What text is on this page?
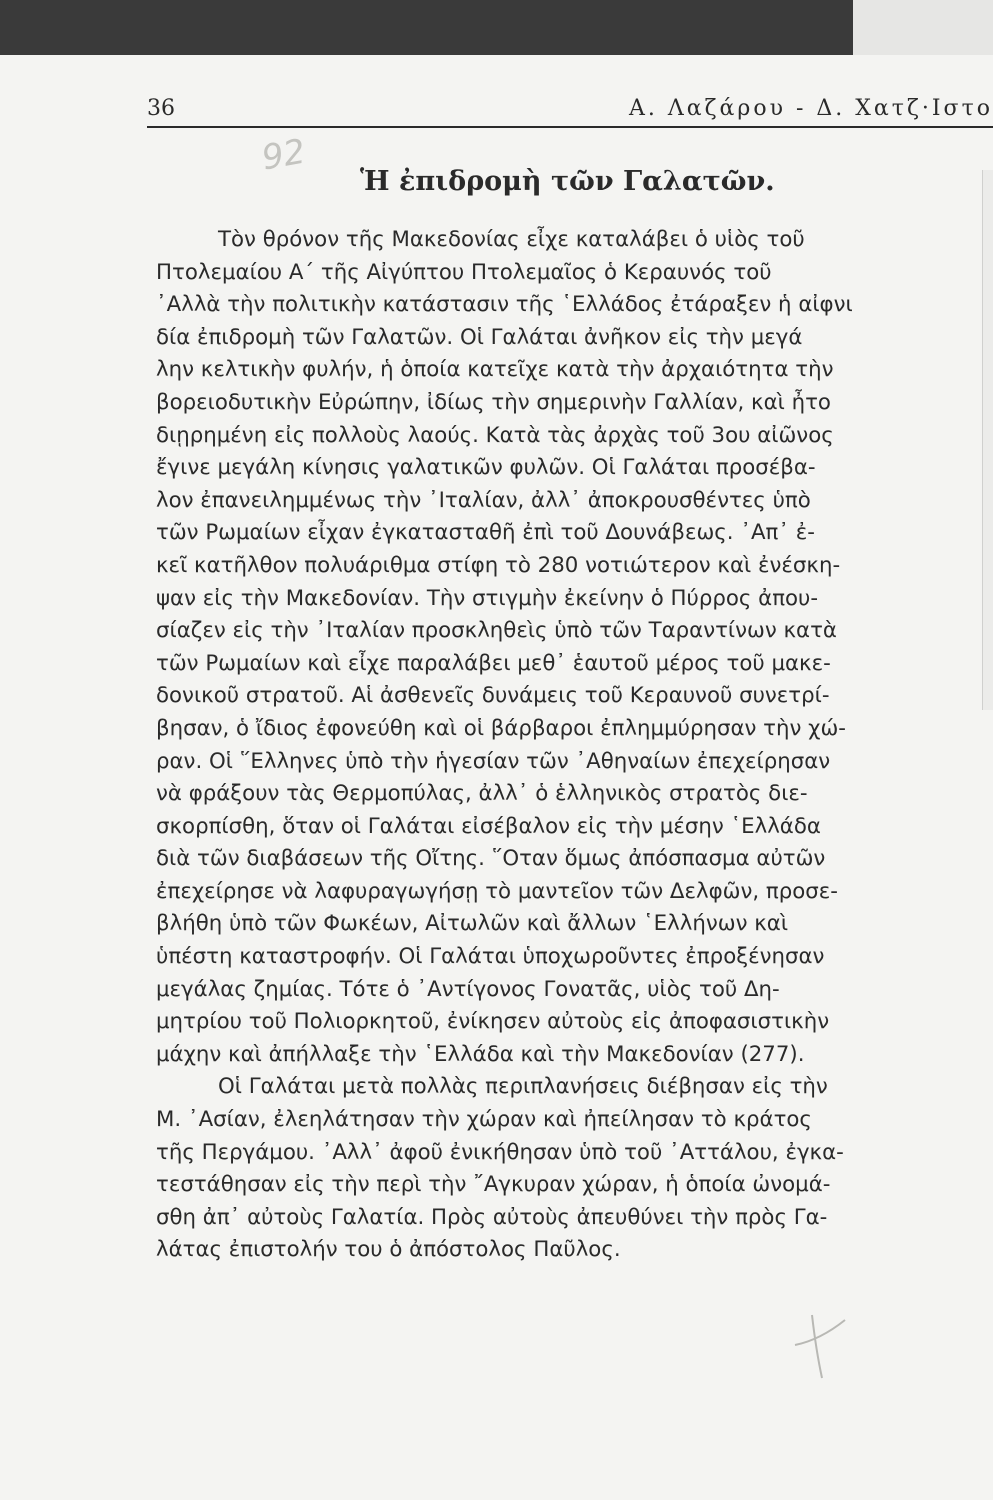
36	Α. Λαζάρου - Δ. Χατζ·Ιστο
92
Ἡ ἐπιδρομὴ τῶν Γαλατῶν.
Τὸν θρόνον τῆς Μακεδονίας εἶχε καταλάβει ὁ υἱὸς τοῦ
Πτολεμαίου Α΄ τῆς Αἰγύπτου Πτολεμαῖος ὁ Κεραυνός τοῦ
᾿Αλλὰ τὴν πολιτικὴν κατάστασιν τῆς ῾Ελλάδος ἐτάραξεν ἡ αἰφνι
δία ἐπιδρομὴ τῶν Γαλατῶν. Οἱ Γαλάται ἀνῆκον εἰς τὴν μεγά
λην κελτικὴν φυλήν, ἡ ὁποία κατεῖχε κατὰ τὴν ἀρχαιότητα τὴν
βορειοδυτικὴν Εὐρώπην, ἰδίως τὴν σημερινὴν Γαλλίαν, καὶ ἦτο
διῃρημένη εἰς πολλοὺς λαούς. Κατὰ τὰς ἀρχὰς τοῦ 3ου αἰῶνος
ἔγινε μεγάλη κίνησις γαλατικῶν φυλῶν. Οἱ Γαλάται προσέβα-
λον ἐπανειλημμένως τὴν ᾿Ιταλίαν, ἀλλ᾿ ἀποκρουσθέντες ὑπὸ
τῶν Ρωμαίων εἶχαν ἐγκατασταθῆ ἐπὶ τοῦ Δουνάβεως. ᾿Απ᾿ ἐ-
κεῖ κατῆλθον πολυάριθμα στίφη τὸ 280 νοτιώτερον καὶ ἐνέσκη-
ψαν εἰς τὴν Μακεδονίαν. Τὴν στιγμὴν ἐκείνην ὁ Πύρρος ἀπου-
σίαζεν εἰς τὴν ᾿Ιταλίαν προσκληθεὶς ὑπὸ τῶν Ταραντίνων κατὰ
τῶν Ρωμαίων καὶ εἶχε παραλάβει μεθ᾿ ἑαυτοῦ μέρος τοῦ μακε-
δονικοῦ στρατοῦ. Αἱ ἀσθενεῖς δυνάμεις τοῦ Κεραυνοῦ συνετρί-
βησαν, ὁ ἴδιος ἐφονεύθη καὶ οἱ βάρβαροι ἐπλημμύρησαν τὴν χώ-
ραν. Οἱ ῞Ελληνες ὑπὸ τὴν ἡγεσίαν τῶν ᾿Αθηναίων ἐπεχείρησαν
νὰ φράξουν τὰς Θερμοπύλας, ἀλλ᾿ ὁ ἑλληνικὸς στρατὸς διε-
σκορπίσθη, ὅταν οἱ Γαλάται εἰσέβαλον εἰς τὴν μέσην ῾Ελλάδα
διὰ τῶν διαβάσεων τῆς Οἴτης. ῞Οταν ὅμως ἀπόσπασμα αὐτῶν
ἐπεχείρησε νὰ λαφυραγωγήσῃ τὸ μαντεῖον τῶν Δελφῶν, προσε-
βλήθη ὑπὸ τῶν Φωκέων, Αἰτωλῶν καὶ ἄλλων ῾Ελλήνων καὶ
ὑπέστη καταστροφήν. Οἱ Γαλάται ὑποχωροῦντες ἐπροξένησαν
μεγάλας ζημίας. Τότε ὁ ᾿Αντίγονος Γονατᾶς, υἱὸς τοῦ Δη-
μητρίου τοῦ Πολιορκητοῦ, ἐνίκησεν αὐτοὺς εἰς ἀποφασιστικὴν
μάχην καὶ ἀπήλλαξε τὴν ῾Ελλάδα καὶ τὴν Μακεδονίαν (277).
Οἱ Γαλάται μετὰ πολλὰς περιπλανήσεις διέβησαν εἰς τὴν
Μ. ᾿Ασίαν, ἐλεηλάτησαν τὴν χώραν καὶ ἠπείλησαν τὸ κράτος
τῆς Περγάμου. ᾿Αλλ᾿ ἀφοῦ ἐνικήθησαν ὑπὸ τοῦ ᾿Αττάλου, ἐγκα-
τεστάθησαν εἰς τὴν περὶ τὴν ῎Αγκυραν χώραν, ἡ ὁποία ὠνομά-
σθη ἀπ᾿ αὐτοὺς Γαλατία. Πρὸς αὐτοὺς ἀπευθύνει τὴν πρὸς Γα-
λάτας ἐπιστολήν του ὁ ἀπόστολος Παῦλος.
